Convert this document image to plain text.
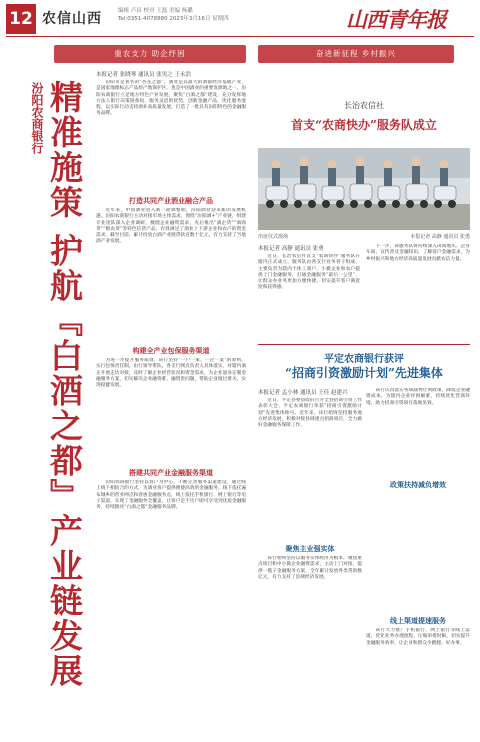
12 农信山西	编辑 卢昌 校对 王磊 美编 杨璐
Tel:0351-4078880 2023年3月16日 星期四	山西青年报
重农支力 助企纾困
汾阳农商银行 精准施策 护航『白酒之都』产业链发展
本报记者 张晓琴 通讯员 张男之 王永浩

汾阳市是著名的“杏花之都”，酒业是其最大的酒都经济基础产业，是国家地理标志产品原产地保护区，也是中国酒业的重要发源地之一。汾阳农商银行立足地方特色产业发展，聚焦“白酒之都”建设，充分发挥地方法人银行决策链条短、服务灵活的优势，创新金融产品，优化服务流程，以实际行动支持酒业高质量发展，打造了一批具有汾阳特色的金融服务品牌。

打造共同产业酒业融合产品

近年来，中国酒业进入新一轮调整期，汾阳酒业迎来新的发展机遇。汾阳农商银行主动对接市场主体需求，围绕“汾阳酒+”产业链，组建专业团队深入企业调研，梳理企业融资需求，先后推出“酒企贷”“酒商贷”“粮农贷”等特色信贷产品，有效满足了酒业上下游企业和农户的资金需求。截至目前，累计投放白酒产业链贷款近数十亿元，有力支持了当地酒产业发展。

构建全产业包保服务渠道

为进一步提升服务质效，该行坚持“一户一策、一企一案”的原则，实行包保责任制，由行领导带队，各支行网点负责人具体落实，对辖内酒企开展走访对接，及时了解企业经营状况和资金需求，为企业量身定制金融服务方案，切实解决企业融资难、融资贵问题，帮助企业渡过难关，实现稳健发展。

搭建共同产业金融服务渠道

汾阳农商银行坚持以客户为中心，不断完善服务渠道建设，通过线上线下相结合的方式，为酒业客户提供便捷高效的金融服务。线下依托遍布城乡的营业网点和普惠金融服务点，线上依托手机银行、网上银行等电子渠道，实现了金融服务全覆盖，让客户足不出户即可享受到优质金融服务，持续擦亮“白酒之都”金融服务品牌。

奋进新征程 乡村振兴
长治农信社
首支“农商快办”服务队成立
出征仪式现场	本报记者 高静 通讯员 张勇
本报记者 高静 通讯员 张勇

近日，长治农信社首支“农商快办”服务队在辖内正式成立。服务队由各支行业务骨干组成，主要负责为辖内个体工商户、小微企业和农户提供上门金融服务，打通金融服务“最后一公里”，让群众办业务更加方便快捷，切实提升客户满意度和获得感。

下一步，该服务队将持续深入田间地头、企业车间，宣传普及金融知识，了解客户金融需求，为乡村振兴和地方经济高质量发展贡献农信力量。

平定农商银行获评
“招商引资激励计划”先进集体
本报记者 孟小林 通讯员 王佳 赵建兴

近日，平定县委县政府召开全县招商引资工作表彰大会，平定农商银行荣获“招商引资激励计划”先进集体称号。近年来，该行始终坚持服务地方经济发展，积极对接县域重点招商项目，全力做好金融服务保障工作。

聚焦主业强实体

该行始终坚持以服务实体经济为根本，聚焦重点项目和中小微企业融资需求，主动上门对接，提供一揽子金融服务方案，全年累计发放各类贷款数亿元，有力支持了县域经济发展。

政策扶持减负增效

该行认真落实各项减费让利政策，降低企业融资成本，为辖内企业纾困解难，持续优化营商环境，助力招商引资项目落地见效。

线上渠道提速服务

该行大力推广手机银行、网上银行等线上渠道，优化业务办理流程，压缩审批时限，切实提升金融服务效率，让企业和群众少跑腿、好办事。
